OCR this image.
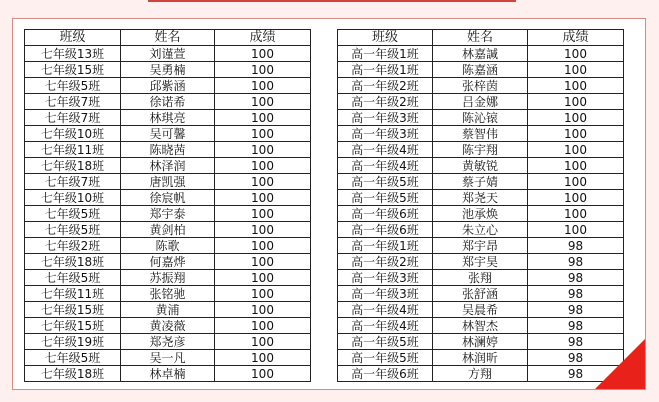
班级	姓名	成绩
七年级13班	刘谨萱	100
七年级15班	吴勇楠	100
七年级5班	邱紫涵	100
七年级7班	徐诺希	100
七年级7班	林琪亮	100
七年级10班	吴可馨	100
七年级11班	陈晓茜	100
七年级18班	林泽润	100
七年级7班	唐凯强	100
七年级10班	徐宸帆	100
七年级5班	郑宇泰	100
七年级5班	黄剑柏	100
七年级2班	陈歌	100
七年级18班	何嘉烨	100
七年级5班	苏振翔	100
七年级11班	张铭驰	100
七年级15班	黄浦	100
七年级15班	黄凌薇	100
七年级19班	郑尧彦	100
七年级5班	吴一凡	100
七年级18班	林卓楠	100
班级	姓名	成绩
高一年级1班	林嘉諴	100
高一年级1班	陈嘉涵	100
高一年级2班	张梓茵	100
高一年级2班	吕金娜	100
高一年级3班	陈沁锿	100
高一年级3班	蔡智伟	100
高一年级4班	陈宇翔	100
高一年级4班	黄敏锐	100
高一年级5班	蔡子婧	100
高一年级5班	郑尧天	100
高一年级6班	池承焕	100
高一年级6班	朱立心	100
高一年级1班	郑宇昂	98
高一年级2班	郑宇昊	98
高一年级3班	张翔	98
高一年级3班	张舒涵	98
高一年级4班	吴晨希	98
高一年级4班	林智杰	98
高一年级5班	林澜婷	98
高一年级5班	林润昕	98
高一年级6班	方翔	98
